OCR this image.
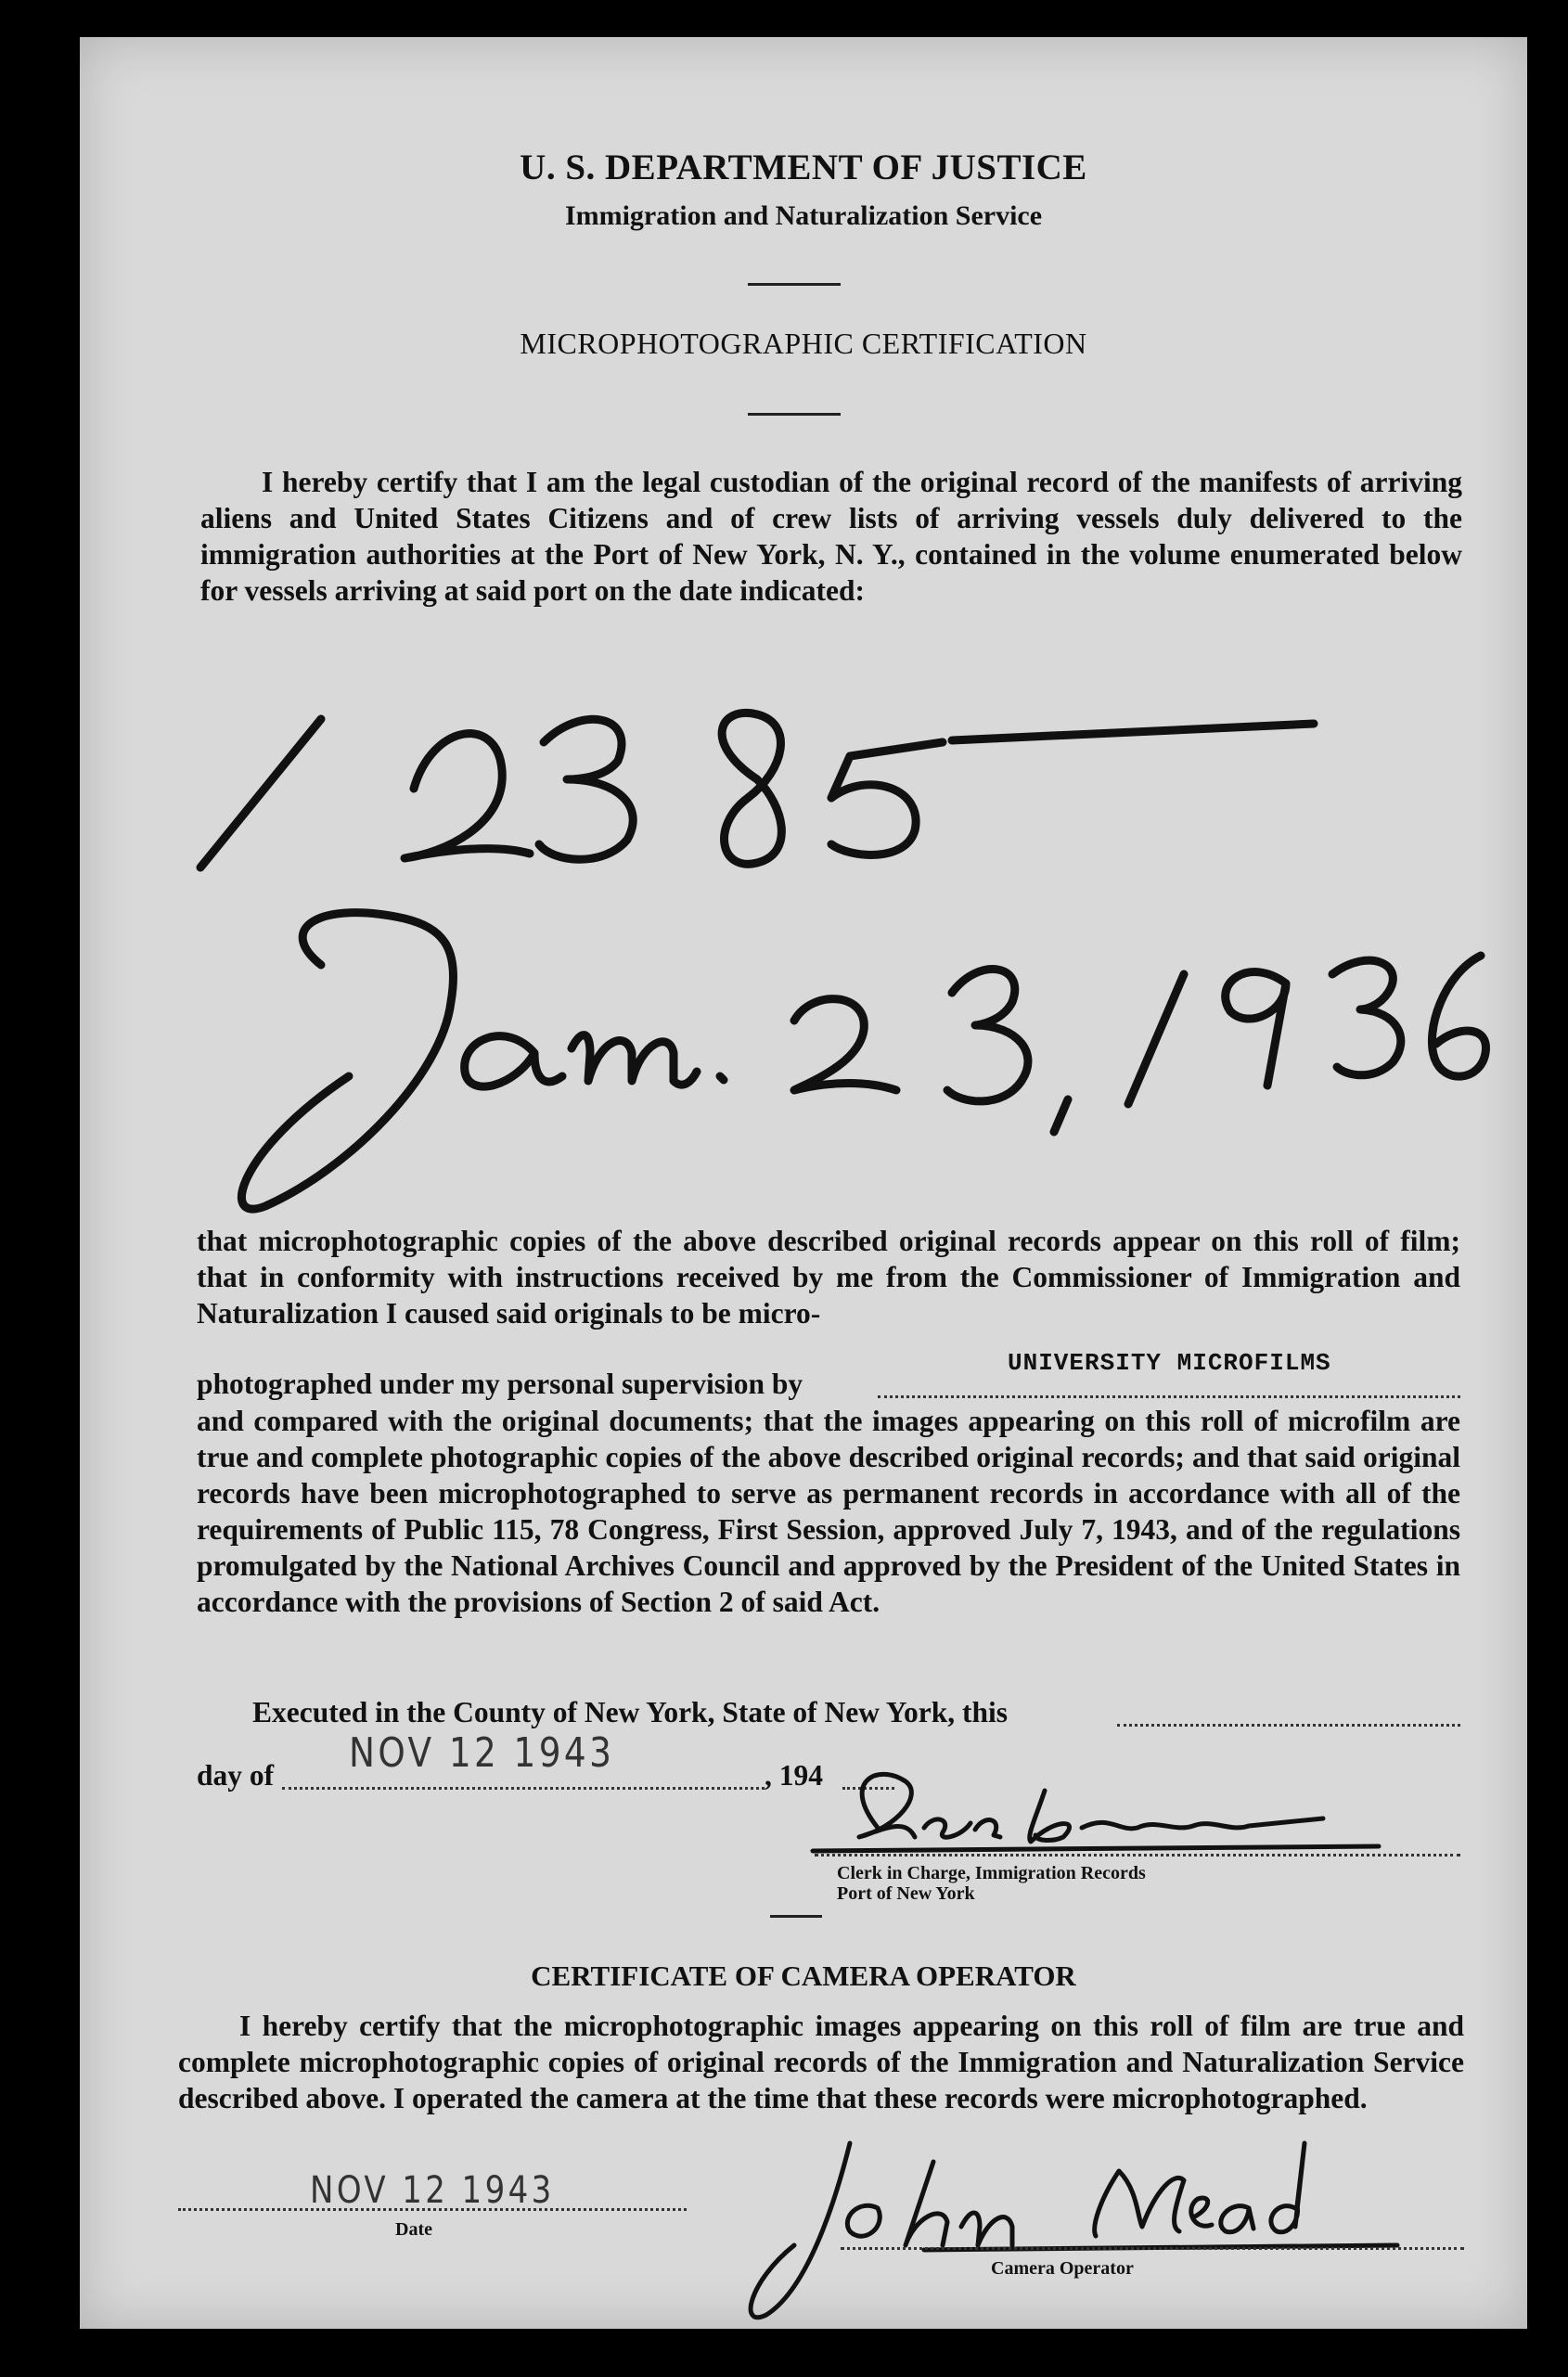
U. S. DEPARTMENT OF JUSTICE
Immigration and Naturalization Service
MICROPHOTOGRAPHIC CERTIFICATION
I hereby certify that I am the legal custodian of the original record of the manifests of arriving aliens and United States Citizens and of crew lists of arriving vessels duly delivered to the immigration authorities at the Port of New York, N. Y., contained in the volume enumerated below for vessels arriving at said port on the date indicated:
that microphotographic copies of the above described original records appear on this roll of film; that in conformity with instructions received by me from the Commissioner of Immigration and Naturalization I caused said originals to be micro-
photographed under my personal supervision by
UNIVERSITY MICROFILMS
and compared with the original documents; that the images appearing on this roll of microfilm are true and complete photographic copies of the above described original records; and that said original records have been microphotographed to serve as permanent records in accordance with all of the requirements of Public 115, 78 Congress, First Session, approved July 7, 1943, and of the regulations promulgated by the National Archives Council and approved by the President of the United States in accordance with the provisions of Section 2 of said Act.
Executed in the County of New York, State of New York, this
day of NOV 12 1943	, 194
Clerk in Charge, Immigration Records
Port of New York
CERTIFICATE OF CAMERA OPERATOR
I hereby certify that the microphotographic images appearing on this roll of film are true and complete microphotographic copies of original records of the Immigration and Naturalization Service described above. I operated the camera at the time that these records were microphotographed.
NOV 12 1943
Date
Camera Operator
